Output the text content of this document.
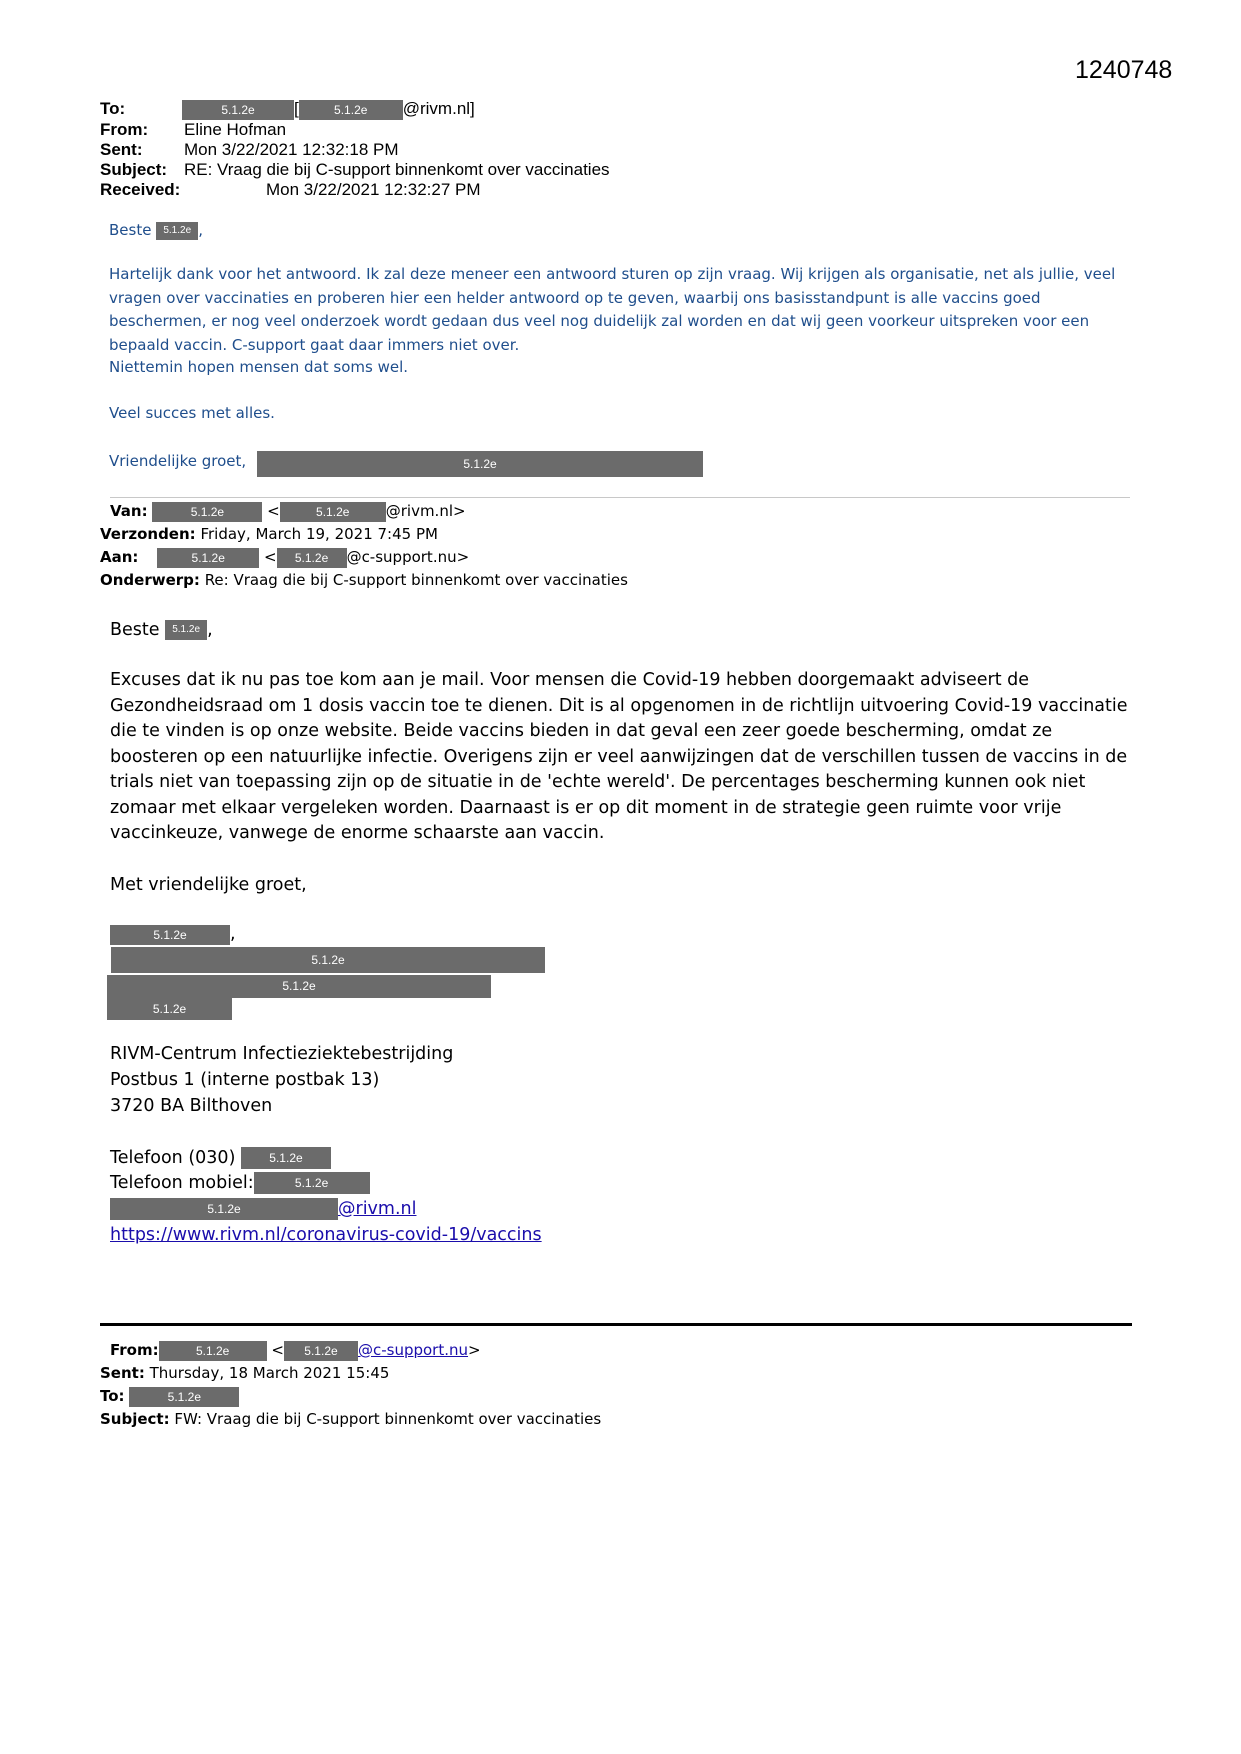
1240748
To:	5.1.2e [	5.1.2e @rivm.nl]
From: Eline Hofman
Sent: Mon 3/22/2021 12:32:18 PM
Subject: RE: Vraag die bij C-support binnenkomt over vaccinaties
Received:	Mon 3/22/2021 12:32:27 PM
Beste 5.1.2e ,
Hartelijk dank voor het antwoord. Ik zal deze meneer een antwoord sturen op zijn vraag. Wij krijgen als organisatie, net als jullie, veel vragen over vaccinaties en proberen hier een helder antwoord op te geven, waarbij ons basisstandpunt is alle vaccins goed beschermen, er nog veel onderzoek wordt gedaan dus veel nog duidelijk zal worden en dat wij geen voorkeur uitspreken voor een bepaald vaccin. C-support gaat daar immers niet over.
Niettemin hopen mensen dat soms wel.
Veel succes met alles.
Vriendelijke groet,	5.1.2e
Van:	5.1.2e	<	5.1.2e @rivm.nl>
Verzonden: Friday, March 19, 2021 7:45 PM
Aan:	5.1.2e	< 5.1.2e @c-support.nu>
Onderwerp: Re: Vraag die bij C-support binnenkomt over vaccinaties
Beste 5.1.2e ,
Excuses dat ik nu pas toe kom aan je mail. Voor mensen die Covid-19 hebben doorgemaakt adviseert de Gezondheidsraad om 1 dosis vaccin toe te dienen. Dit is al opgenomen in de richtlijn uitvoering Covid-19 vaccinatie die te vinden is op onze website. Beide vaccins bieden in dat geval een zeer goede bescherming, omdat ze boosteren op een natuurlijke infectie. Overigens zijn er veel aanwijzingen dat de verschillen tussen de vaccins in de trials niet van toepassing zijn op de situatie in de 'echte wereld'. De percentages bescherming kunnen ook niet zomaar met elkaar vergeleken worden. Daarnaast is er op dit moment in de strategie geen ruimte voor vrije vaccinkeuze, vanwege de enorme schaarste aan vaccin.
Met vriendelijke groet,
5.1.2e ,
5.1.2e
5.1.2e
5.1.2e
RIVM-Centrum Infectieziektebestrijding
Postbus 1 (interne postbak 13)
3720 BA Bilthoven
Telefoon (030)	5.1.2e
Telefoon mobiel:	5.1.2e
5.1.2e	@rivm.nl
https://www.rivm.nl/coronavirus-covid-19/vaccins
From:	5.1.2e	< 5.1.2e @c-support.nu>
Sent: Thursday, 18 March 2021 15:45
To:	5.1.2e
Subject: FW: Vraag die bij C-support binnenkomt over vaccinaties
